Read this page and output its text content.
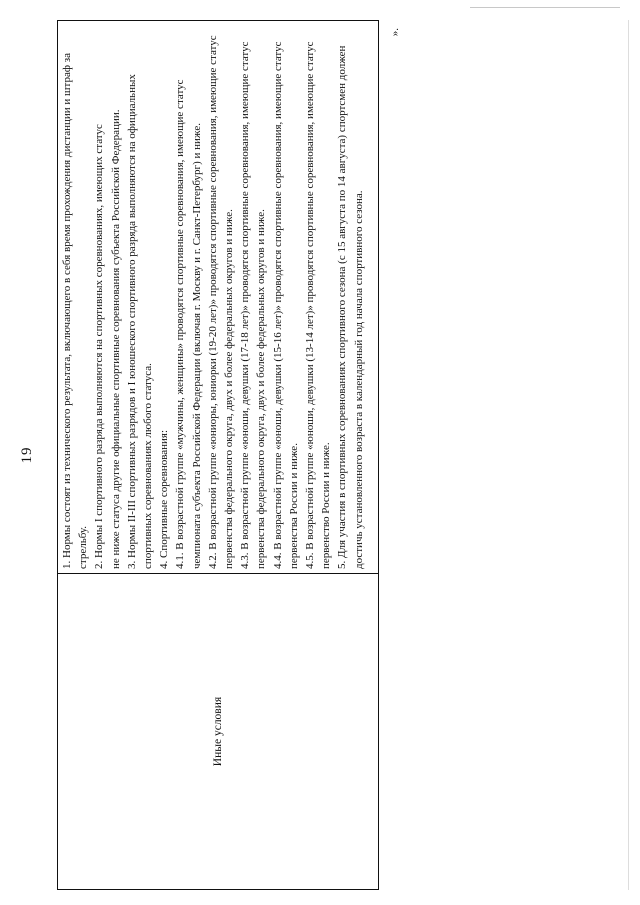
19
Иные условия

1. Нормы состоят из технического результата, включающего в себя время прохождения дистанции и штраф за стрельбу. 2. Нормы I спортивного разряда выполняются на спортивных соревнованиях, имеющих статус не ниже статуса другие официальные спортивные соревнования субъекта Российской Федерации. 3. Нормы II-III спортивных разрядов и I юношеского спортивного разряда выполняются на официальных спортивных соревнованиях любого статуса. 4. Спортивные соревнования: 4.1. В возрастной группе «мужчины, женщины» проводятся спортивные соревнования, имеющие статус чемпионата субъекта Российской Федерации (включая г. Москву и г. Санкт-Петербург) и ниже. 4.2. В возрастной группе «юниоры, юниорки (19-20 лет)» проводятся спортивные соревнования, имеющие статус первенства федерального округа, двух и более федеральных округов и ниже. 4.3. В возрастной группе «юноши, девушки (17-18 лет)» проводятся спортивные соревнования, имеющие статус первенства федерального округа, двух и более федеральных округов и ниже. 4.4. В возрастной группе «юноши, девушки (15-16 лет)» проводятся спортивные соревнования, имеющие статус первенства России и ниже. 4.5. В возрастной группе «юноши, девушки (13-14 лет)» проводятся спортивные соревнования, имеющие статус первенство России и ниже. 5. Для участия в спортивных соревнованиях спортивного сезона (с 15 августа по 14 августа) спортсмен должен достичь установленного возраста в календарный год начала спортивного сезона.

».
